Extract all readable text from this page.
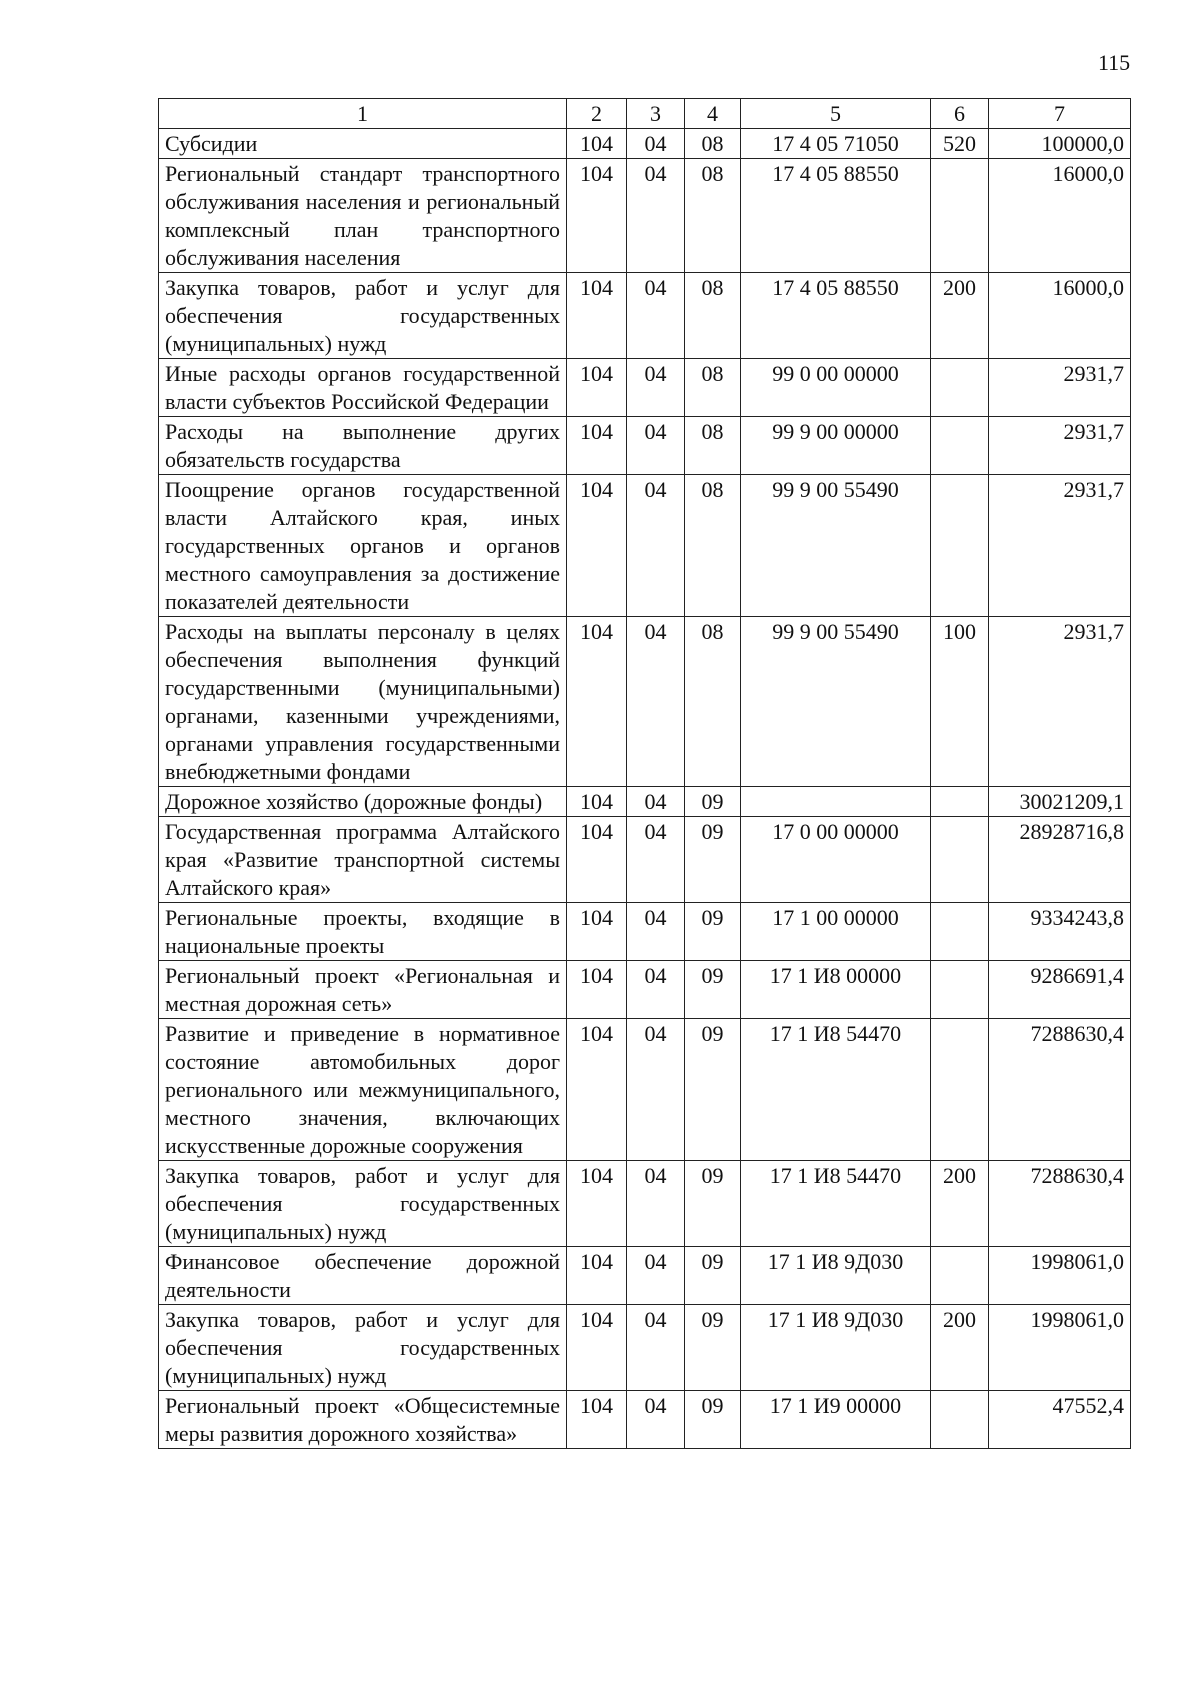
115
1	2	3	4	5	6	7
Субсидии	104	04	08	17 4 05 71050	520	100000,0
Региональный стандарт транспортного обслуживания населения и региональный комплексный план транспортного обслуживания населения	104	04	08	17 4 05 88550		16000,0
Закупка товаров, работ и услуг для обеспечения государственных (муниципальных) нужд	104	04	08	17 4 05 88550	200	16000,0
Иные расходы органов государственной власти субъектов Российской Федерации	104	04	08	99 0 00 00000		2931,7
Расходы на выполнение других обязательств государства	104	04	08	99 9 00 00000		2931,7
Поощрение органов государственной власти Алтайского края, иных государственных органов и органов местного самоуправления за достижение показателей деятельности	104	04	08	99 9 00 55490		2931,7
Расходы на выплаты персоналу в целях обеспечения выполнения функций государственными (муниципальными) органами, казенными учреждениями, органами управления государственными внебюджетными фондами	104	04	08	99 9 00 55490	100	2931,7
Дорожное хозяйство (дорожные фонды)	104	04	09			30021209,1
Государственная программа Алтайского края «Развитие транспортной системы Алтайского края»	104	04	09	17 0 00 00000		28928716,8
Региональные проекты, входящие в национальные проекты	104	04	09	17 1 00 00000		9334243,8
Региональный проект «Региональная и местная дорожная сеть»	104	04	09	17 1 И8 00000		9286691,4
Развитие и приведение в нормативное состояние автомобильных дорог регионального или межмуниципального, местного значения, включающих искусственные дорожные сооружения	104	04	09	17 1 И8 54470		7288630,4
Закупка товаров, работ и услуг для обеспечения государственных (муниципальных) нужд	104	04	09	17 1 И8 54470	200	7288630,4
Финансовое обеспечение дорожной деятельности	104	04	09	17 1 И8 9Д030		1998061,0
Закупка товаров, работ и услуг для обеспечения государственных (муниципальных) нужд	104	04	09	17 1 И8 9Д030	200	1998061,0
Региональный проект «Общесистемные меры развития дорожного хозяйства»	104	04	09	17 1 И9 00000		47552,4
